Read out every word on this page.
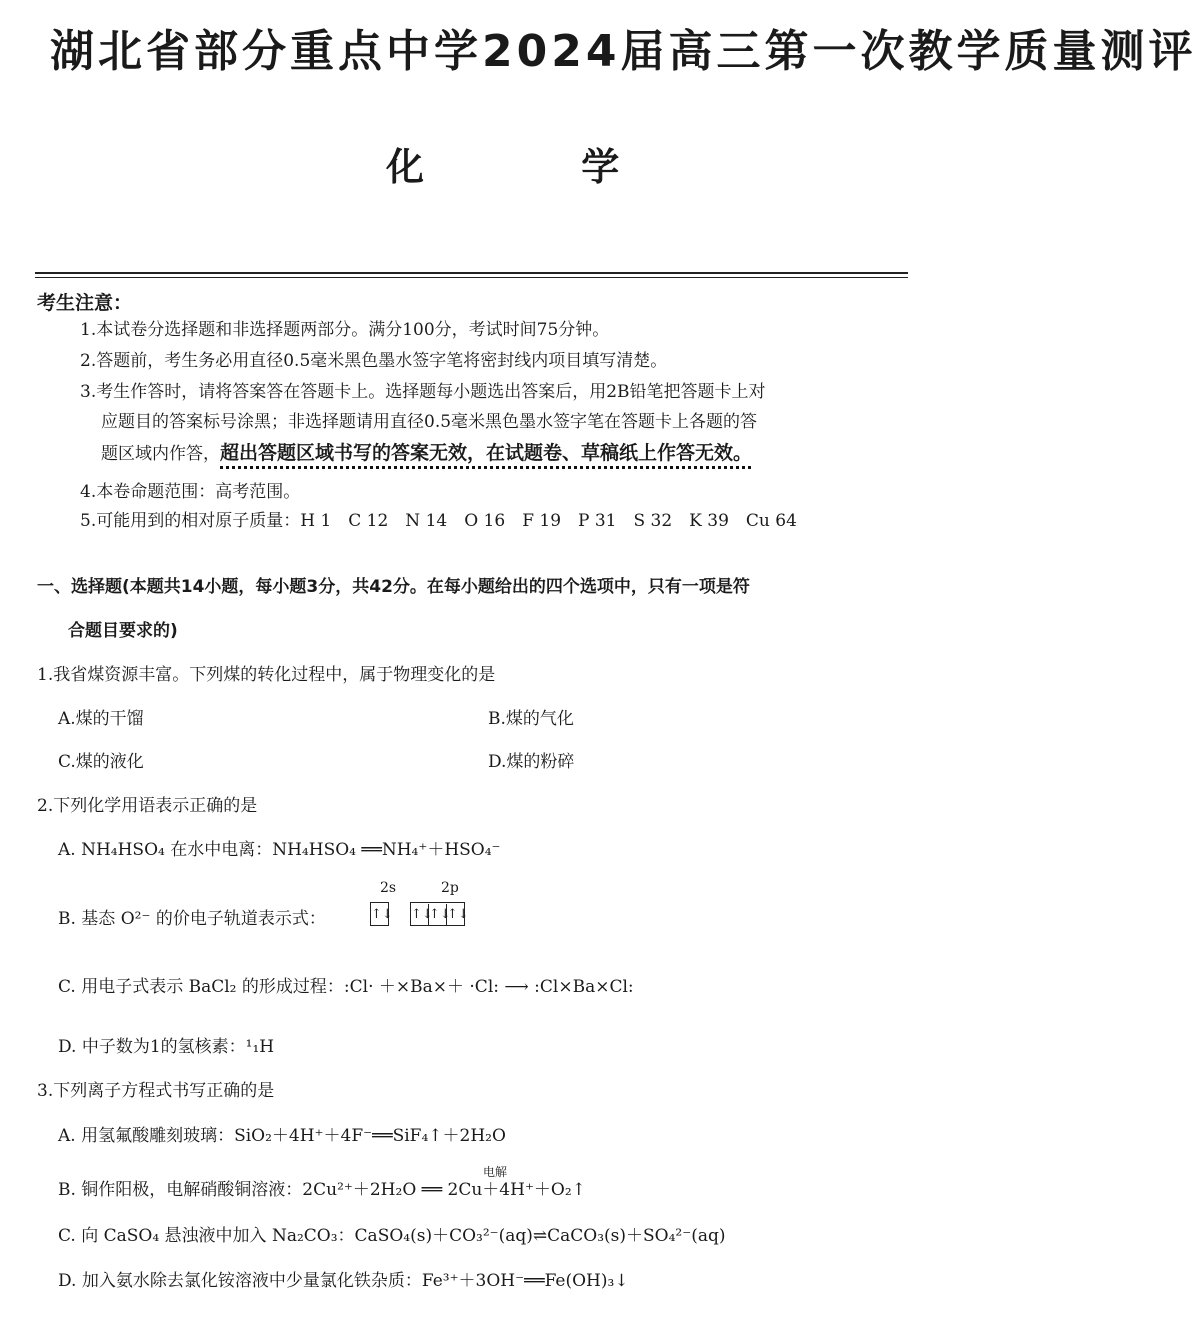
湖北省部分重点中学2024届高三第一次教学质量测评
化 学
考生注意：
1.本试卷分选择题和非选择题两部分。满分100分，考试时间75分钟。
2.答题前，考生务必用直径0.5毫米黑色墨水签字笔将密封线内项目填写清楚。
3.考生作答时，请将答案答在答题卡上。选择题每小题选出答案后，用2B铅笔把答题卡上对
应题目的答案标号涂黑；非选择题请用直径0.5毫米黑色墨水签字笔在答题卡上各题的答
题区域内作答，超出答题区域书写的答案无效，在试题卷、草稿纸上作答无效。
4.本卷命题范围：高考范围。
5.可能用到的相对原子质量：H 1　C 12　N 14　O 16　F 19　P 31　S 32　K 39　Cu 64
一、选择题(本题共14小题，每小题3分，共42分。在每小题给出的四个选项中，只有一项是符
合题目要求的)
1.我省煤资源丰富。下列煤的转化过程中，属于物理变化的是
A.煤的干馏	B.煤的气化
C.煤的液化	D.煤的粉碎
2.下列化学用语表示正确的是
A. NH₄HSO₄ 在水中电离：NH₄HSO₄ ══NH₄⁺＋HSO₄⁻
B. 基态 O²⁻ 的价电子轨道表示式：
2s	2p
↑↓ ↑↓↑↓↑↓
C. 用电子式表示 BaCl₂ 的形成过程：:Cl· ＋×Ba×＋ ·Cl: ⟶ :Cl×Ba×Cl:
D. 中子数为1的氢核素：¹₁H
3.下列离子方程式书写正确的是
A. 用氢氟酸雕刻玻璃：SiO₂＋4H⁺＋4F⁻══SiF₄↑＋2H₂O
电解
B. 铜作阳极，电解硝酸铜溶液：2Cu²⁺＋2H₂O ══ 2Cu＋4H⁺＋O₂↑
C. 向 CaSO₄ 悬浊液中加入 Na₂CO₃：CaSO₄(s)＋CO₃²⁻(aq)⇌CaCO₃(s)＋SO₄²⁻(aq)
D. 加入氨水除去氯化铵溶液中少量氯化铁杂质：Fe³⁺＋3OH⁻══Fe(OH)₃↓
